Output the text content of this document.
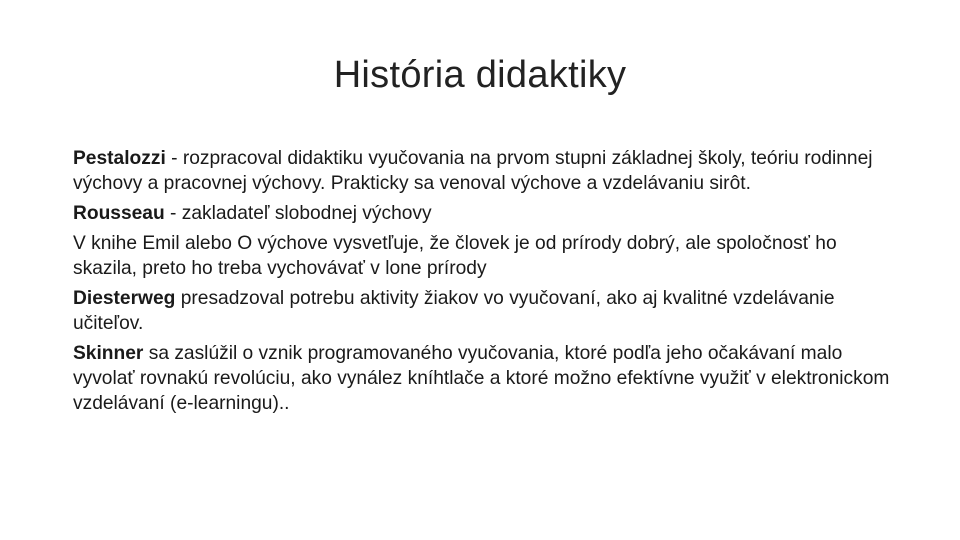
História didaktiky

Pestalozzi - rozpracoval didaktiku vyučovania na prvom stupni základnej školy, teóriu rodinnej výchovy a pracovnej výchovy. Prakticky sa venoval výchove a vzdelávaniu sirôt.

Rousseau - zakladateľ slobodnej výchovy

V knihe Emil alebo O výchove vysvetľuje, že človek je od prírody dobrý, ale spoločnosť ho skazila, preto ho treba vychovávať v lone prírody

Diesterweg presadzoval potrebu aktivity žiakov vo vyučovaní, ako aj kvalitné vzdelávanie učiteľov.

Skinner sa zaslúžil o vznik programovaného vyučovania, ktoré podľa jeho očakávaní malo vyvolať rovnakú revolúciu, ako vynález kníhtlače a ktoré možno efektívne využiť v elektronickom vzdelávaní (e-learningu)..
